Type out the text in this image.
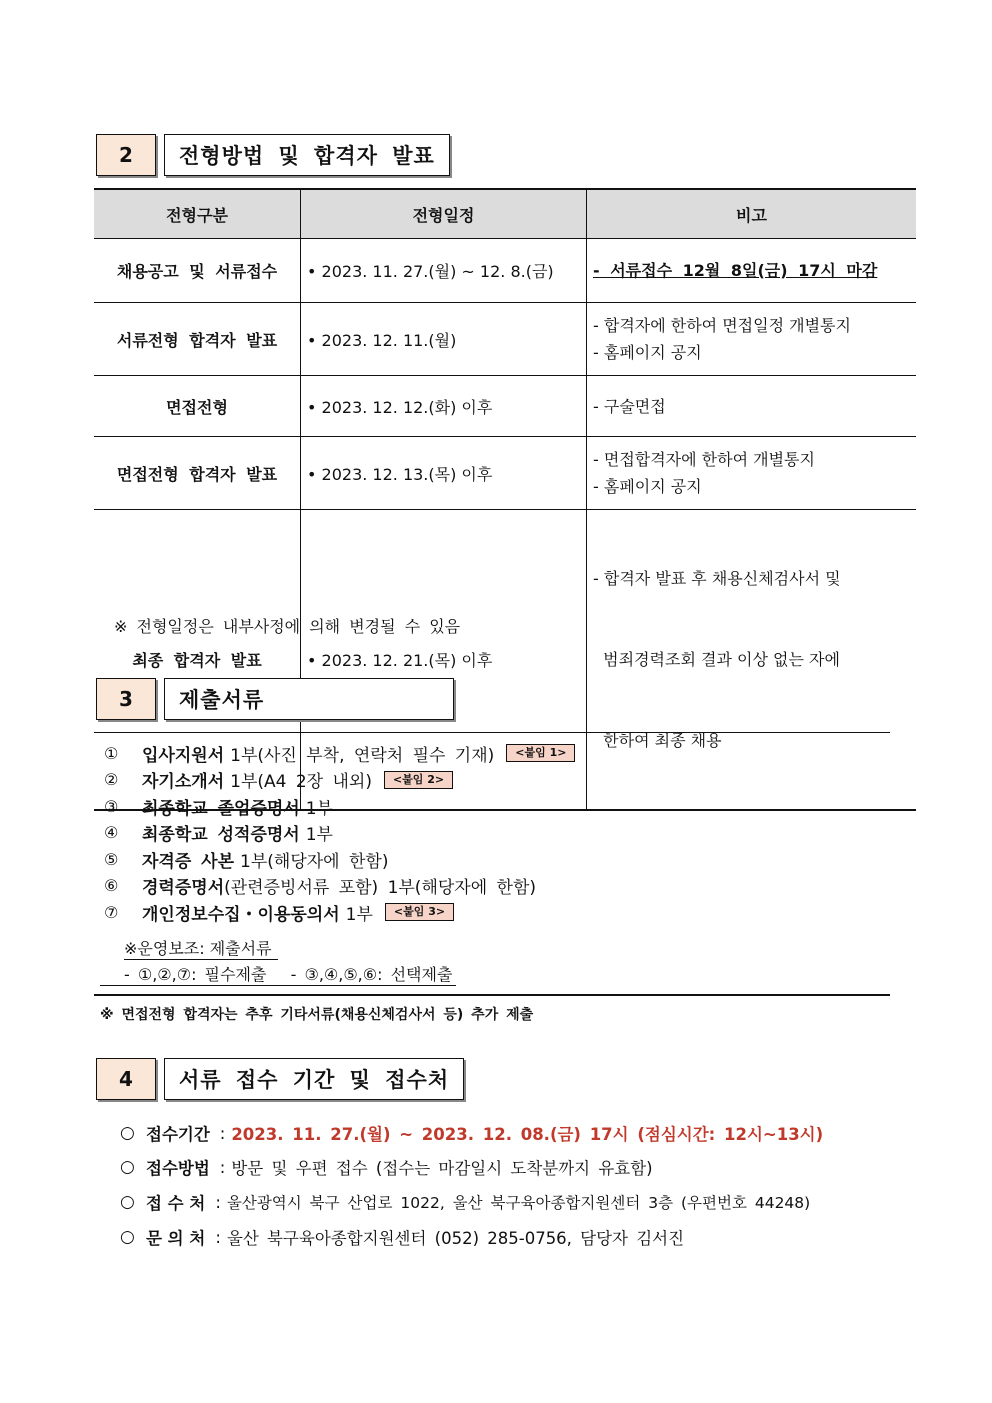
2	전형방법 및 합격자 발표
전형구분	전형일정	비고
채용공고 및 서류접수	• 2023. 11. 27.(월) ~ 12. 8.(금)	- 서류접수 12월 8일(금) 17시 마감

서류전형 합격자 발표	• 2023. 12. 11.(월)	- 합격자에 한하여 면접일정 개별통지
- 홈페이지 공지

면접전형	• 2023. 12. 12.(화) 이후	- 구술면접

면접전형 합격자 발표	• 2023. 12. 13.(목) 이후	- 면접합격자에 한하여 개별통지
- 홈페이지 공지

최종 합격자 발표	• 2023. 12. 21.(목) 이후	- 합격자 발표 후 채용신체검사서 및

범죄경력조회 결과 이상 없는 자에

한하여 최종 채용

※ 전형일정은 내부사정에 의해 변경될 수 있음
3	제출서류
①	입사지원서 1부(사진 부착, 연락처 필수 기재)	<붙임 1>
②	자기소개서 1부(A4 2장 내외)	<붙임 2>
③	최종학교 졸업증명서 1부
④	최종학교 성적증명서 1부
⑤	자격증 사본 1부(해당자에 한함)
⑥	경력증명서 (관련증빙서류 포함) 1부(해당자에 한함)
⑦	개인정보수집・이용동의서 1부	<붙임 3>
※운영보조: 제출서류
- ①,②,⑦: 필수제출   - ③,④,⑤,⑥: 선택제출
※ 면접전형 합격자는 추후 기타서류(채용신체검사서 등) 추가 제출
4	서류 접수 기간 및 접수처
○ 접수기간 : 2023. 11. 27.(월) ~ 2023. 12. 08.(금) 17시 (점심시간: 12시~13시)
○ 접수방법 : 방문 및 우편 접수 (접수는 마감일시 도착분까지 유효함)
○ 접 수 처 : 울산광역시 북구 산업로 1022, 울산 북구육아종합지원센터 3층 (우편번호 44248)
○ 문 의 처 : 울산 북구육아종합지원센터 (052) 285-0756, 담당자 김서진
